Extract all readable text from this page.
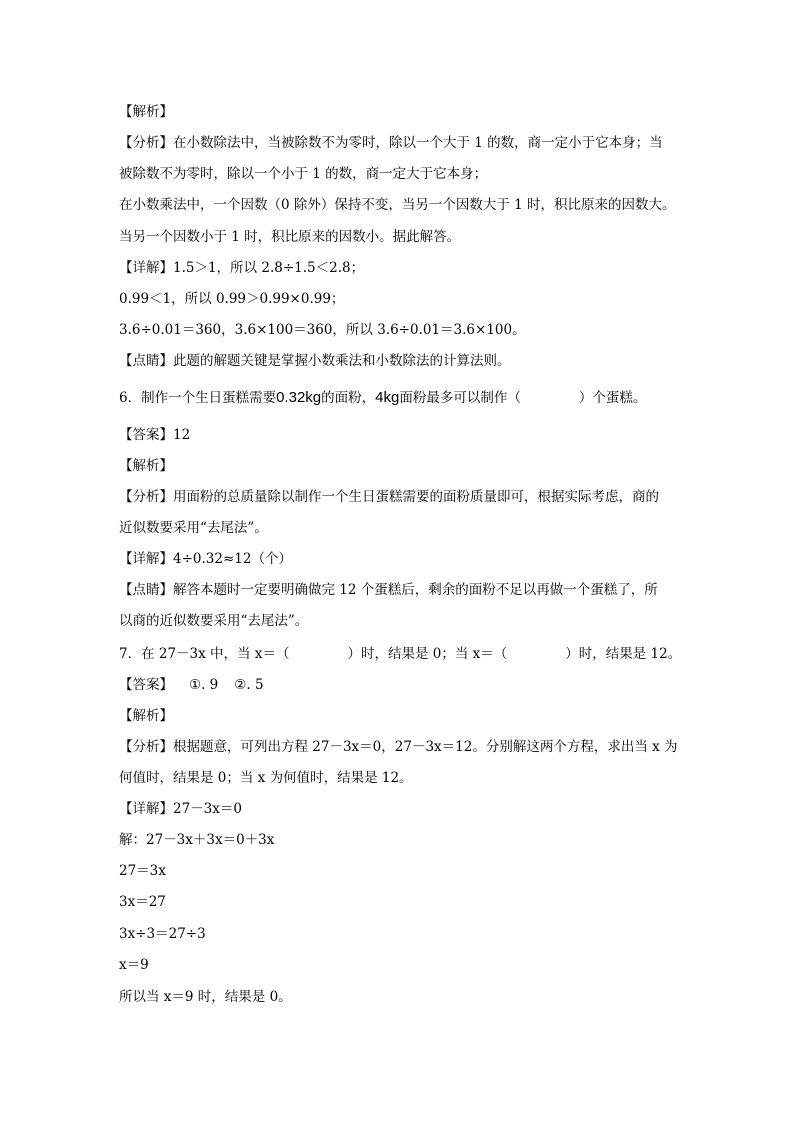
【解析】
【分析】在小数除法中，当被除数不为零时，除以一个大于 1 的数，商一定小于它本身；当
被除数不为零时，除以一个小于 1 的数，商一定大于它本身；
在小数乘法中，一个因数（0 除外）保持不变，当另一个因数大于 1 时，积比原来的因数大。
当另一个因数小于 1 时，积比原来的因数小。据此解答。
【详解】1.5＞1，所以 2.8÷1.5＜2.8；
0.99＜1，所以 0.99＞0.99×0.99；
3.6÷0.01＝360，3.6×100＝360，所以 3.6÷0.01＝3.6×100。
【点睛】此题的解题关键是掌握小数乘法和小数除法的计算法则。
6．制作一个生日蛋糕需要0.32kg的面粉，4kg面粉最多可以制作（	）个蛋糕。
【答案】12
【解析】
【分析】用面粉的总质量除以制作一个生日蛋糕需要的面粉质量即可，根据实际考虑，商的
近似数要采用“去尾法”。
【详解】4÷0.32≈12（个）
【点睛】解答本题时一定要明确做完 12 个蛋糕后，剩余的面粉不足以再做一个蛋糕了，所
以商的近似数要采用“去尾法”。
7．在 27－3x 中，当 x＝（	）时，结果是 0；当 x＝（	）时，结果是 12。
【答案】 ①. 9 ②. 5
【解析】
【分析】根据题意，可列出方程 27－3x＝0，27－3x＝12。分别解这两个方程，求出当 x 为
何值时，结果是 0；当 x 为何值时，结果是 12。
【详解】27－3x＝0
解：27－3x＋3x＝0＋3x
27＝3x
3x＝27
3x÷3＝27÷3
x＝9
所以当 x＝9 时，结果是 0。
